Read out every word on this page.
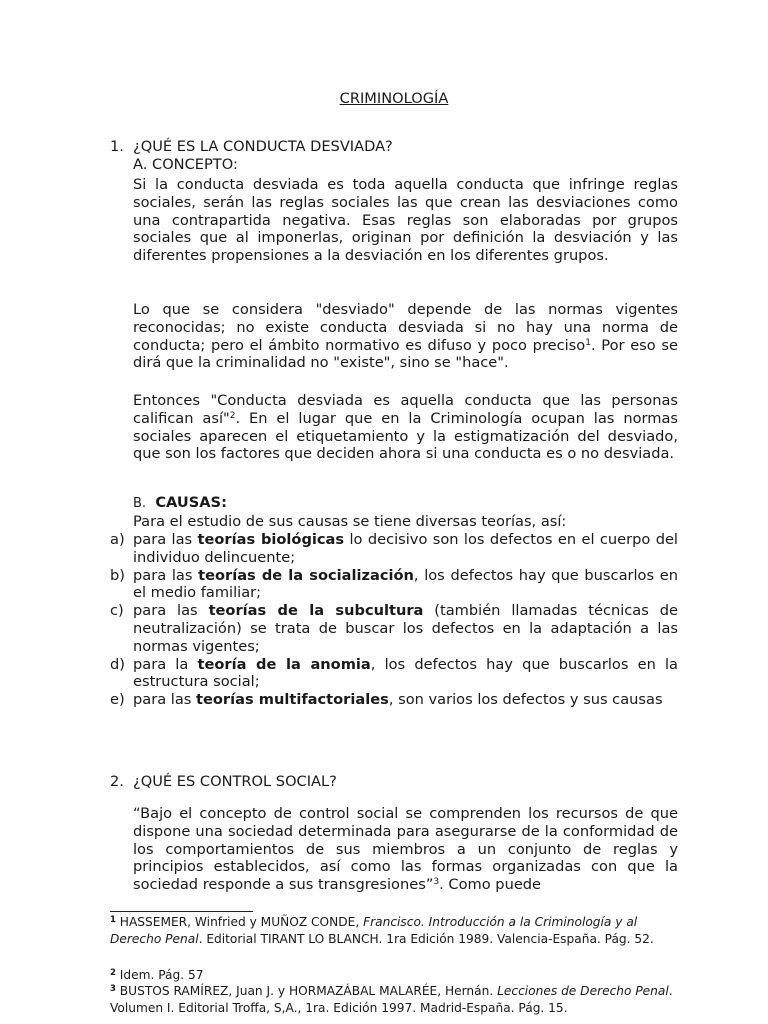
CRIMINOLOGÍA
1. ¿QUÉ ES LA CONDUCTA DESVIADA?
A. CONCEPTO:
Si la conducta desviada es toda aquella conducta que infringe reglas sociales, serán las reglas sociales las que crean las desviaciones como una contrapartida negativa. Esas reglas son elaboradas por grupos sociales que al imponerlas, originan por definición la desviación y las diferentes propensiones a la desviación en los diferentes grupos.
Lo que se considera "desviado" depende de las normas vigentes reconocidas; no existe conducta desviada si no hay una norma de conducta; pero el ámbito normativo es difuso y poco preciso$^1$. Por eso se dirá que la criminalidad no "existe", sino se "hace".
Entonces "Conducta desviada es aquella conducta que las personas califican así"$^2$. En el lugar que en la Criminología ocupan las normas sociales aparecen el etiquetamiento y la estigmatización del desviado, que son los factores que deciden ahora si una conducta es o no desviada.
B. CAUSAS:
Para el estudio de sus causas se tiene diversas teorías, así:
a) para las teorías biológicas lo decisivo son los defectos en el cuerpo del individuo delincuente;
b) para las teorías de la socialización, los defectos hay que buscarlos en el medio familiar;
c) para las teorías de la subcultura (también llamadas técnicas de neutralización) se trata de buscar los defectos en la adaptación a las normas vigentes;
d) para la teoría de la anomia, los defectos hay que buscarlos en la estructura social;
e) para las teorías multifactoriales, son varios los defectos y sus causas
2. ¿QUÉ ES CONTROL SOCIAL?
“Bajo el concepto de control social se comprenden los recursos de que dispone una sociedad determinada para asegurarse de la conformidad de los comportamientos de sus miembros a un conjunto de reglas y principios establecidos, así como las formas organizadas con que la sociedad responde a sus transgresiones”$^3$. Como puede
$^1$ HASSEMER, Winfried y MUÑOZ CONDE, Francisco. Introducción a la Criminología y al Derecho Penal. Editorial TIRANT LO BLANCH. 1ra Edición 1989. Valencia-España. Pág. 52.
$^2$ Idem. Pág. 57
$^3$ BUSTOS RAMÍREZ, Juan J. y HORMAZÁBAL MALARÉE, Hernán. Lecciones de Derecho Penal. Volumen I. Editorial Troffa, S,A., 1ra. Edición 1997. Madrid-España. Pág. 15.
